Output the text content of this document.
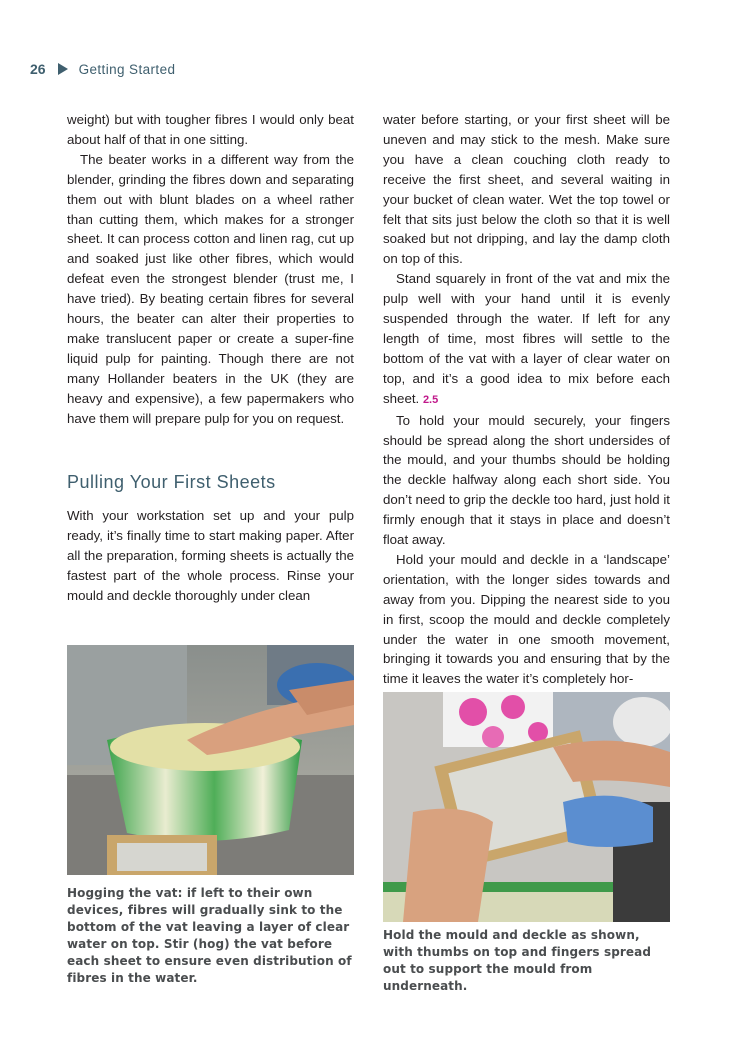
26 Getting Started

weight) but with tougher fibres I would only beat about half of that in one sitting.

The beater works in a different way from the blender, grinding the fibres down and separating them out with blunt blades on a wheel rather than cutting them, which makes for a stronger sheet. It can process cotton and linen rag, cut up and soaked just like other fibres, which would defeat even the strongest blender (trust me, I have tried). By beating certain fibres for several hours, the beater can alter their properties to make translucent paper or create a super-fine liquid pulp for painting. Though there are not many Hollander beaters in the UK (they are heavy and expensive), a few papermakers who have them will prepare pulp for you on request.

Pulling Your First Sheets

With your workstation set up and your pulp ready, it’s finally time to start making paper. After all the preparation, forming sheets is actually the fastest part of the whole process. Rinse your mould and deckle thoroughly under clean

water before starting, or your first sheet will be uneven and may stick to the mesh. Make sure you have a clean couching cloth ready to receive the first sheet, and several waiting in your bucket of clean water. Wet the top towel or felt that sits just below the cloth so that it is well soaked but not dripping, and lay the damp cloth on top of this.

Stand squarely in front of the vat and mix the pulp well with your hand until it is evenly suspended through the water. If left for any length of time, most fibres will settle to the bottom of the vat with a layer of clear water on top, and it’s a good idea to mix before each sheet. 2.5

To hold your mould securely, your fingers should be spread along the short undersides of the mould, and your thumbs should be holding the deckle halfway along each short side. You don’t need to grip the deckle too hard, just hold it firmly enough that it stays in place and doesn’t float away.

Hold your mould and deckle in a ‘landscape’ orientation, with the longer sides towards and away from you. Dipping the nearest side to you in first, scoop the mould and deckle completely under the water in one smooth movement, bringing it towards you and ensuring that by the time it leaves the water it’s completely hor-

Hogging the vat: if left to their own devices, fibres will gradually sink to the bottom of the vat leaving a layer of clear water on top. Stir (hog) the vat before each sheet to ensure even distribution of fibres in the water.
Hold the mould and deckle as shown, with thumbs on top and fingers spread out to support the mould from underneath.
